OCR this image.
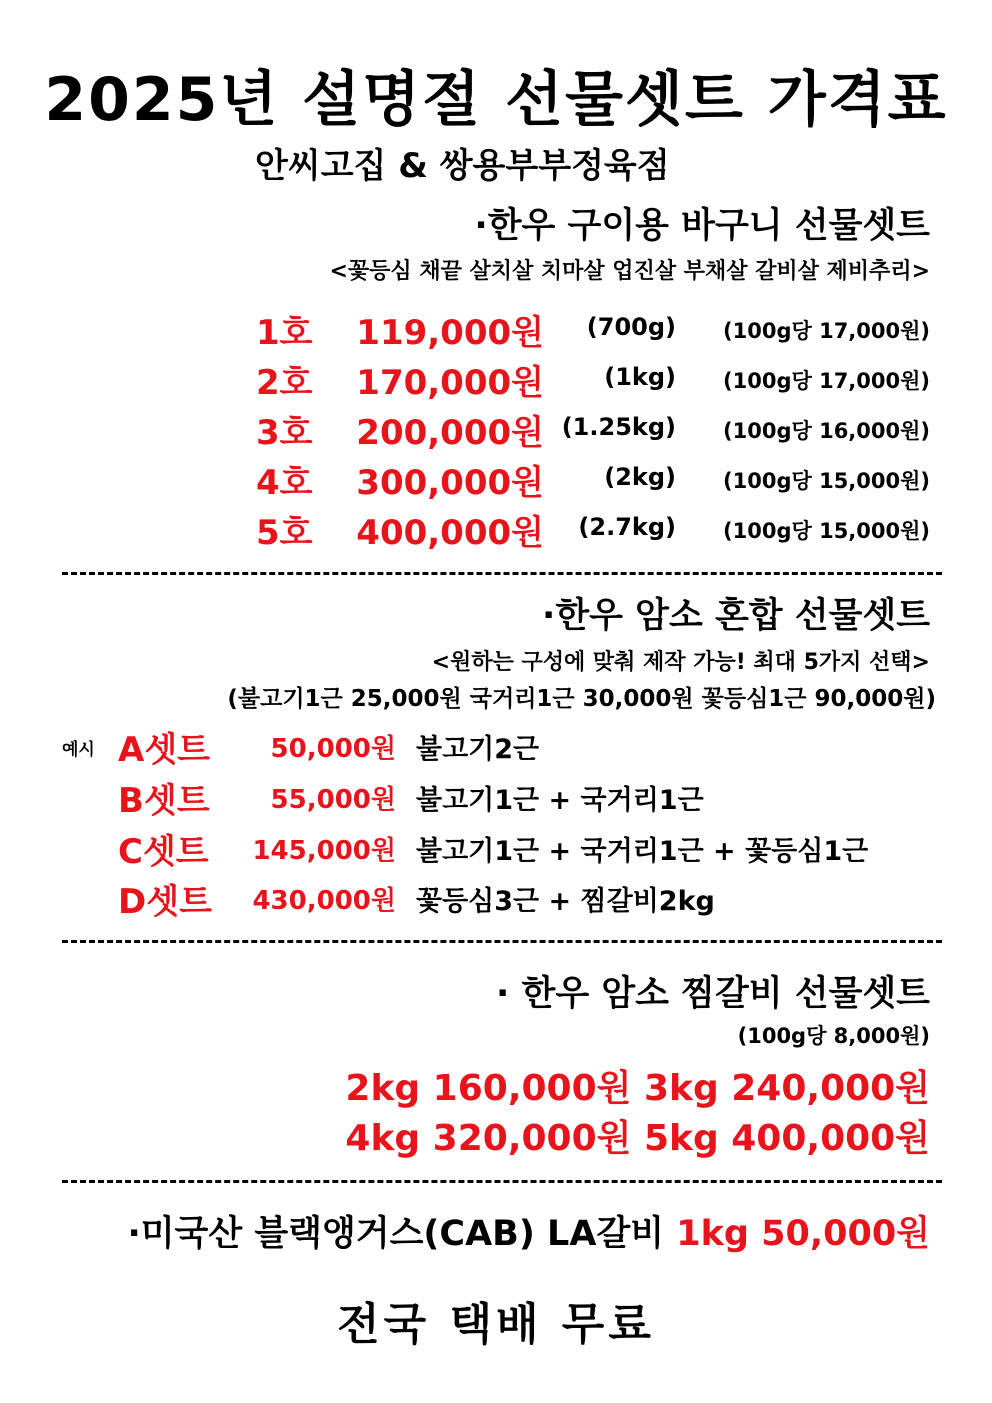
2025년 설명절 선물셋트 가격표
안씨고집 & 쌍용부부정육점
·한우 구이용 바구니 선물셋트
<꽃등심 채끝 살치살 치마살 업진살 부채살 갈비살 제비추리>
1호 119,000원 (700g) (100g당 17,000원)
2호 170,000원	(1kg) (100g당 17,000원)
3호 200,000원 (1.25kg) (100g당 16,000원)
4호 300,000원	(2kg) (100g당 15,000원)
5호 400,000원 (2.7kg) (100g당 15,000원)
·한우 암소 혼합 선물셋트
<원하는 구성에 맞춰 제작 가능! 최대 5가지 선택>
(불고기1근 25,000원 국거리1근 30,000원 꽃등심1근 90,000원)
예시 A셋트 50,000원 불고기2근
B셋트 55,000원 불고기1근 + 국거리1근
C셋트 145,000원 불고기1근 + 국거리1근 + 꽃등심1근
D셋트 430,000원 꽃등심3근 + 찜갈비2kg
· 한우 암소 찜갈비 선물셋트
(100g당 8,000원)
2kg 160,000원 3kg 240,000원
4kg 320,000원 5kg 400,000원
·미국산 블랙앵거스(CAB) LA갈비 1kg 50,000원
전국 택배 무료
